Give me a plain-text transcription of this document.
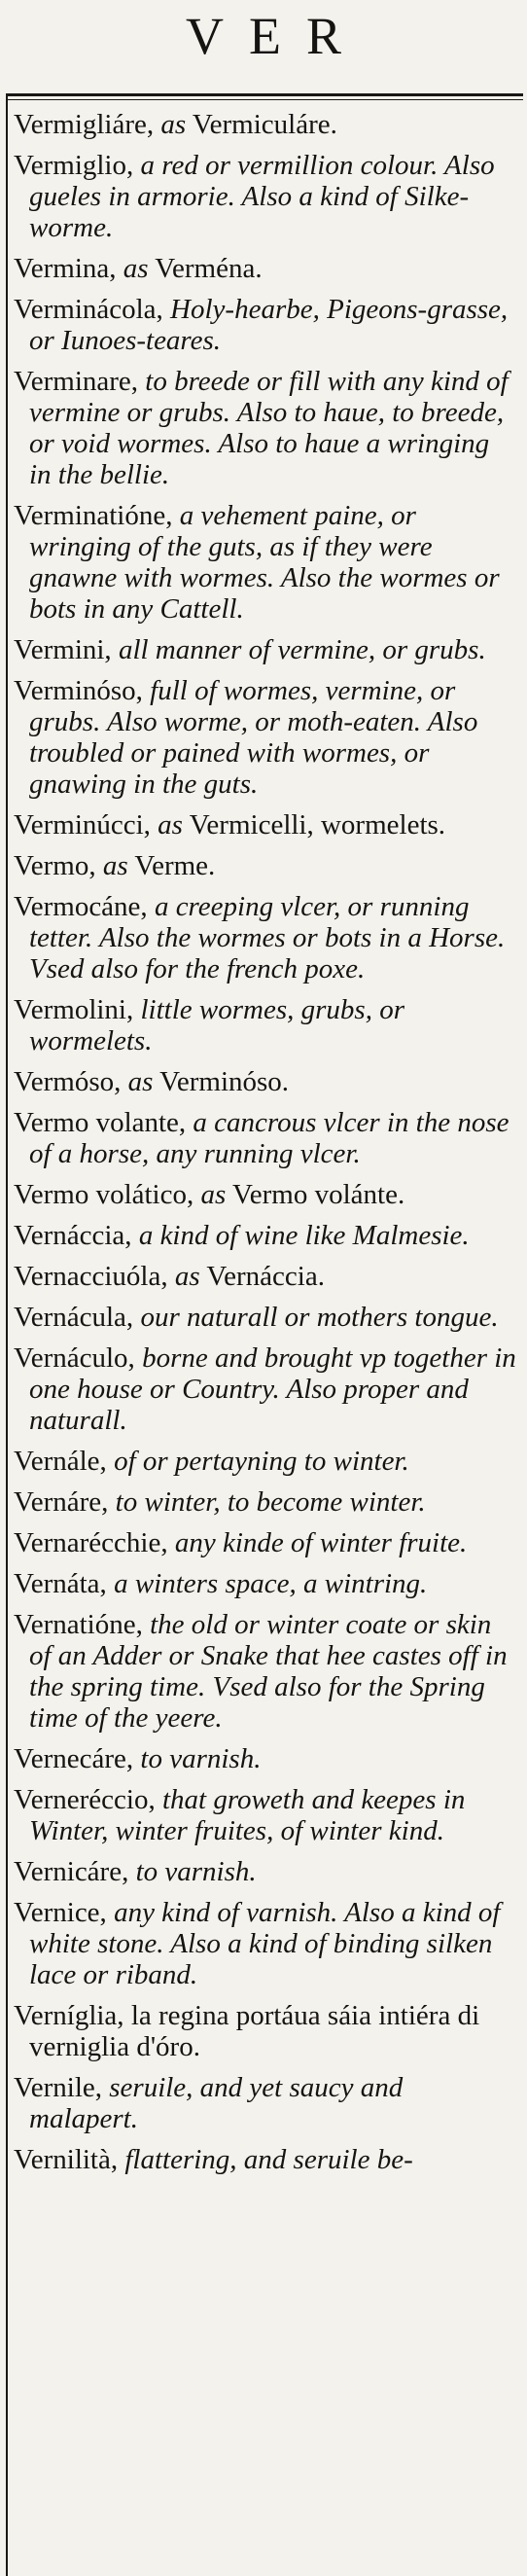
VER
Vermigliáre, as Vermiculáre.
Vermiglio, a red or vermillion colour. Also gueles in armorie. Also a kind of Silke-worme.
Vermina, as Verména.
Verminácola, Holy-hearbe, Pigeons-grasse, or Iunoes-teares.
Verminare, to breede or fill with any kind of vermine or grubs. Also to haue, to breede, or void wormes. Also to haue a wringing in the bellie.
Verminatióne, a vehement paine, or wringing of the guts, as if they were gnawne with wormes. Also the wormes or bots in any Cattell.
Vermini, all manner of vermine, or grubs.
Verminóso, full of wormes, vermine, or grubs. Also worme, or moth-eaten. Also troubled or pained with wormes, or gnawing in the guts.
Verminúcci, as Vermicelli, wormelets.
Vermo, as Verme.
Vermocáne, a creeping vlcer, or running tetter. Also the wormes or bots in a Horse. Vsed also for the french poxe.
Vermolini, little wormes, grubs, or wormelets.
Vermóso, as Verminóso.
Vermo volante, a cancrous vlcer in the nose of a horse, any running vlcer.
Vermo volático, as Vermo volánte.
Vernáccia, a kind of wine like Malmesie.
Vernacciuóla, as Vernáccia.
Vernácula, our naturall or mothers tongue.
Vernáculo, borne and brought vp together in one house or Country. Also proper and naturall.
Vernále, of or pertayning to winter.
Vernáre, to winter, to become winter.
Vernarécchie, any kinde of winter fruite.
Vernáta, a winters space, a wintring.
Vernatióne, the old or winter coate or skin of an Adder or Snake that hee castes off in the spring time. Vsed also for the Spring time of the yeere.
Vernecáre, to varnish.
Verneréccio, that groweth and keepes in Winter, winter fruites, of winter kind.
Vernicáre, to varnish.
Vernice, any kind of varnish. Also a kind of white stone. Also a kind of binding silken lace or riband.
Verníglia, la regina portáua sáia intiéra di verniglia d'óro.
Vernile, seruile, and yet saucy and malapert.
Vernilità, flattering, and seruile be-
